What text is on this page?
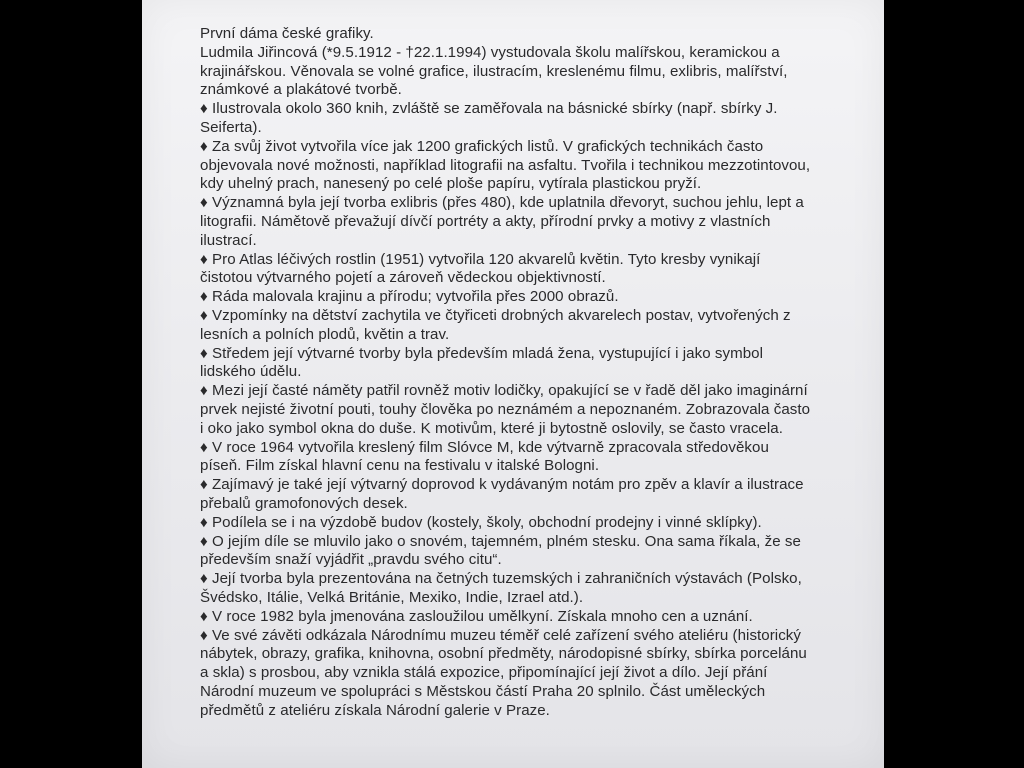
První dáma české grafiky.
Ludmila Jiřincová (*9.5.1912 - †22.1.1994) vystudovala školu malířskou, keramickou a
krajinářskou. Věnovala se volné grafice, ilustracím, kreslenému filmu, exlibris, malířství,
známkové a plakátové tvorbě.
♦ Ilustrovala okolo 360 knih, zvláště se zaměřovala na básnické sbírky (např. sbírky J.
Seiferta).
♦ Za svůj život vytvořila více jak 1200 grafických listů. V grafických technikách často
objevovala nové možnosti, například litografii na asfaltu. Tvořila i technikou mezzotintovou,
kdy uhelný prach, nanesený po celé ploše papíru, vytírala plastickou pryží.
♦ Významná byla její tvorba exlibris (přes 480), kde uplatnila dřevoryt, suchou jehlu, lept a
litografii. Námětově převažují dívčí portréty a akty, přírodní prvky a motivy z vlastních
ilustrací.
♦ Pro Atlas léčivých rostlin (1951) vytvořila 120 akvarelů květin. Tyto kresby vynikají
čistotou výtvarného pojetí a zároveň vědeckou objektivností.
♦ Ráda malovala krajinu a přírodu; vytvořila přes 2000 obrazů.
♦ Vzpomínky na dětství zachytila ve čtyřiceti drobných akvarelech postav, vytvořených z
lesních a polních plodů, květin a trav.
♦ Středem její výtvarné tvorby byla především mladá žena, vystupující i jako symbol
lidského údělu.
♦ Mezi její časté náměty patřil rovněž motiv lodičky, opakující se v řadě děl jako imaginární
prvek nejisté životní pouti, touhy člověka po neznámém a nepoznaném. Zobrazovala často
i oko jako symbol okna do duše. K motivům, které ji bytostně oslovily, se často vracela.
♦ V roce 1964 vytvořila kreslený film Slóvce M, kde výtvarně zpracovala středověkou
píseň. Film získal hlavní cenu na festivalu v italské Bologni.
♦ Zajímavý je také její výtvarný doprovod k vydávaným notám pro zpěv a klavír a ilustrace
přebalů gramofonových desek.
♦ Podílela se i na výzdobě budov (kostely, školy, obchodní prodejny i vinné sklípky).
♦ O jejím díle se mluvilo jako o snovém, tajemném, plném stesku. Ona sama říkala, že se
především snaží vyjádřit „pravdu svého citu“.
♦ Její tvorba byla prezentována na četných tuzemských i zahraničních výstavách (Polsko,
Švédsko, Itálie, Velká Británie, Mexiko, Indie, Izrael atd.).
♦ V roce 1982 byla jmenována zasloužilou umělkyní. Získala mnoho cen a uznání.
♦ Ve své závěti odkázala Národnímu muzeu téměř celé zařízení svého ateliéru (historický
nábytek, obrazy, grafika, knihovna, osobní předměty, národopisné sbírky, sbírka porcelánu
a skla) s prosbou, aby vznikla stálá expozice, připomínající její život a dílo. Její přání
Národní muzeum ve spolupráci s Městskou částí Praha 20 splnilo. Část uměleckých
předmětů z ateliéru získala Národní galerie v Praze.
